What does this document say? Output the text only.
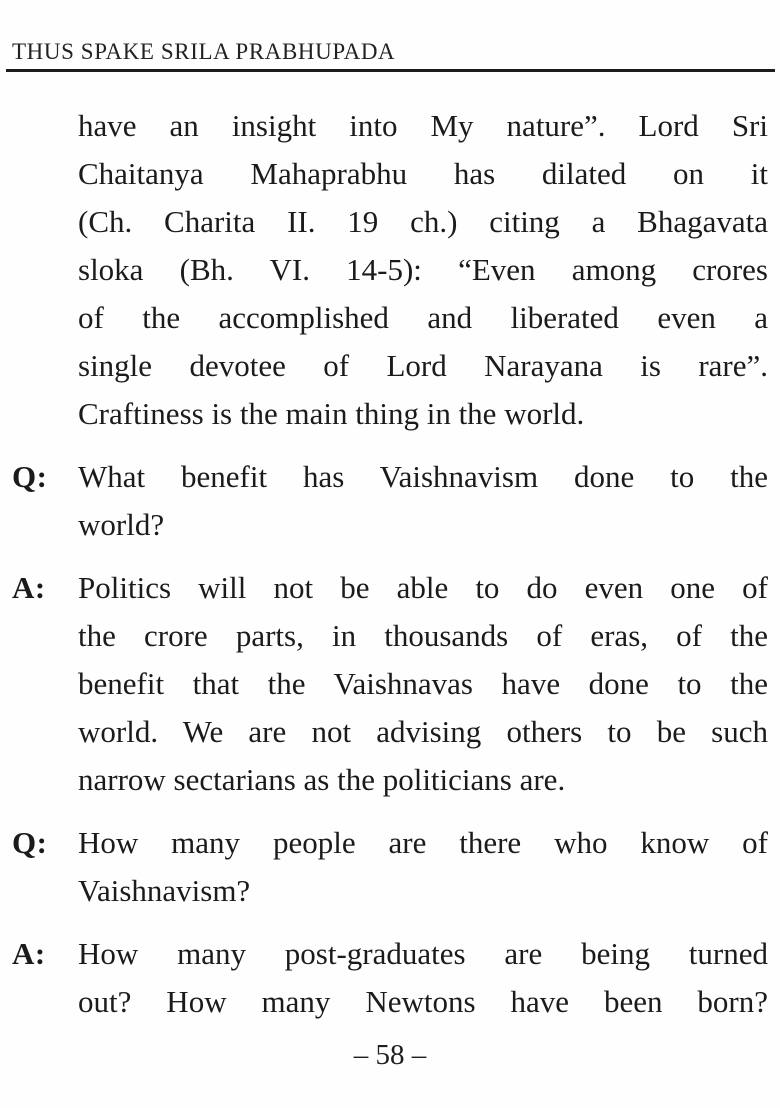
THUS SPAKE SRILA PRABHUPADA
have an insight into My nature”. Lord Sri
Chaitanya Mahaprabhu has dilated on it
(Ch. Charita II. 19 ch.) citing a Bhagavata
sloka (Bh. VI. 14-5): “Even among crores
of the accomplished and liberated even a
single devotee of Lord Narayana is rare”.
Craftiness is the main thing in the world.
Q: What benefit has Vaishnavism done to the
world?
A: Politics will not be able to do even one of
the crore parts, in thousands of eras, of the
benefit that the Vaishnavas have done to the
world. We are not advising others to be such
narrow sectarians as the politicians are.
Q: How many people are there who know of
Vaishnavism?
A: How many post-graduates are being turned
out? How many Newtons have been born?
– 58 –
